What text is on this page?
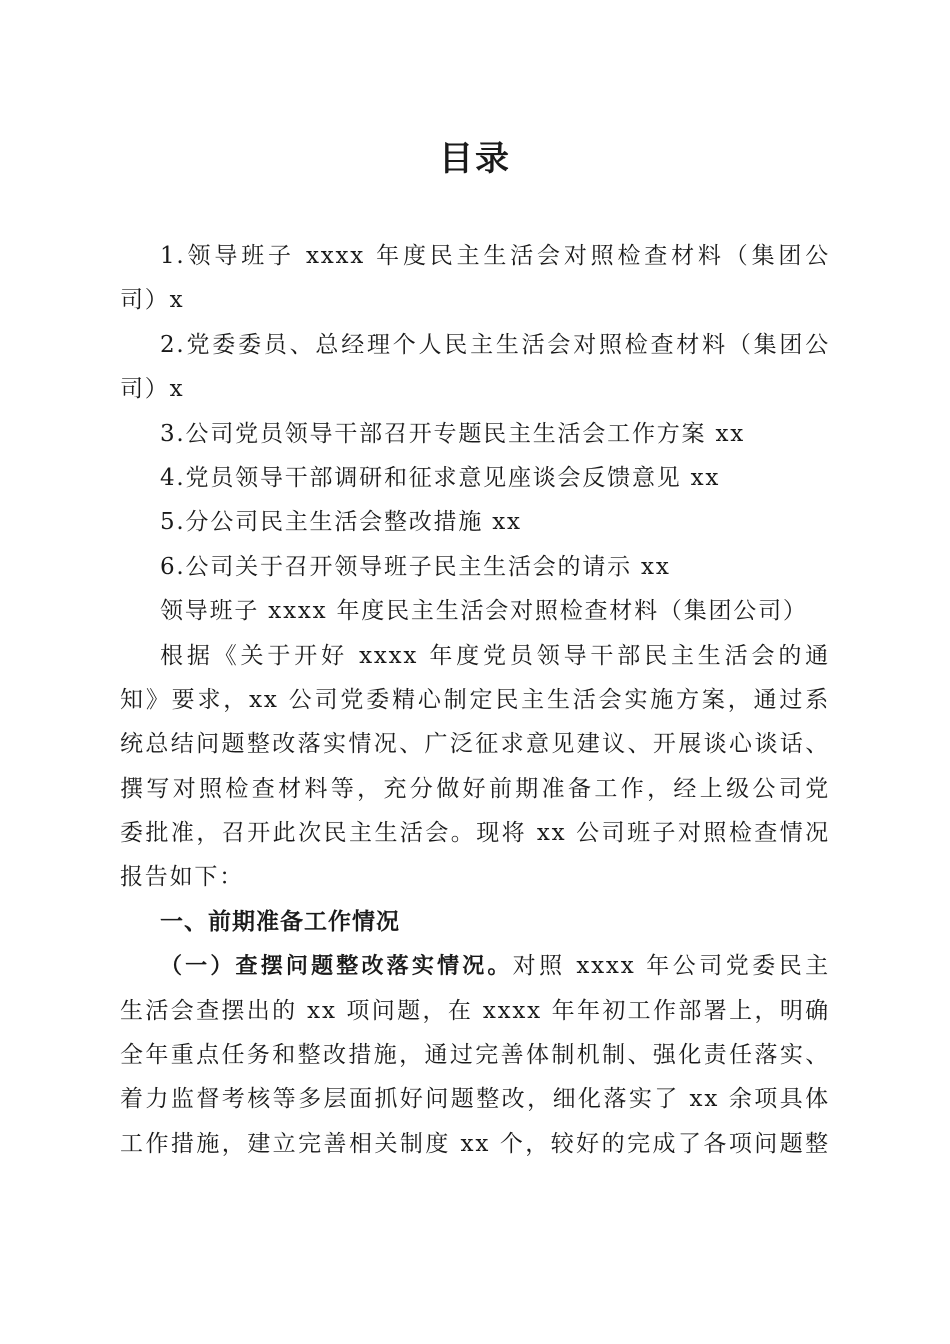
目录
1.领导班子 xxxx 年度民主生活会对照检查材料（集团公
司）x
2.党委委员、总经理个人民主生活会对照检查材料（集团公
司）x
3.公司党员领导干部召开专题民主生活会工作方案 xx
4.党员领导干部调研和征求意见座谈会反馈意见 xx
5.分公司民主生活会整改措施 xx
6.公司关于召开领导班子民主生活会的请示 xx
领导班子 xxxx 年度民主生活会对照检查材料（集团公司）
根据《关于开好 xxxx 年度党员领导干部民主生活会的通
知》要求，xx 公司党委精心制定民主生活会实施方案，通过系
统总结问题整改落实情况、广泛征求意见建议、开展谈心谈话、
撰写对照检查材料等，充分做好前期准备工作，经上级公司党
委批准，召开此次民主生活会。现将 xx 公司班子对照检查情况
报告如下：
一、前期准备工作情况
（一）查摆问题整改落实情况。对照 xxxx 年公司党委民主
生活会查摆出的 xx 项问题，在 xxxx 年年初工作部署上，明确
全年重点任务和整改措施，通过完善体制机制、强化责任落实、
着力监督考核等多层面抓好问题整改，细化落实了 xx 余项具体
工作措施，建立完善相关制度 xx 个，较好的完成了各项问题整
